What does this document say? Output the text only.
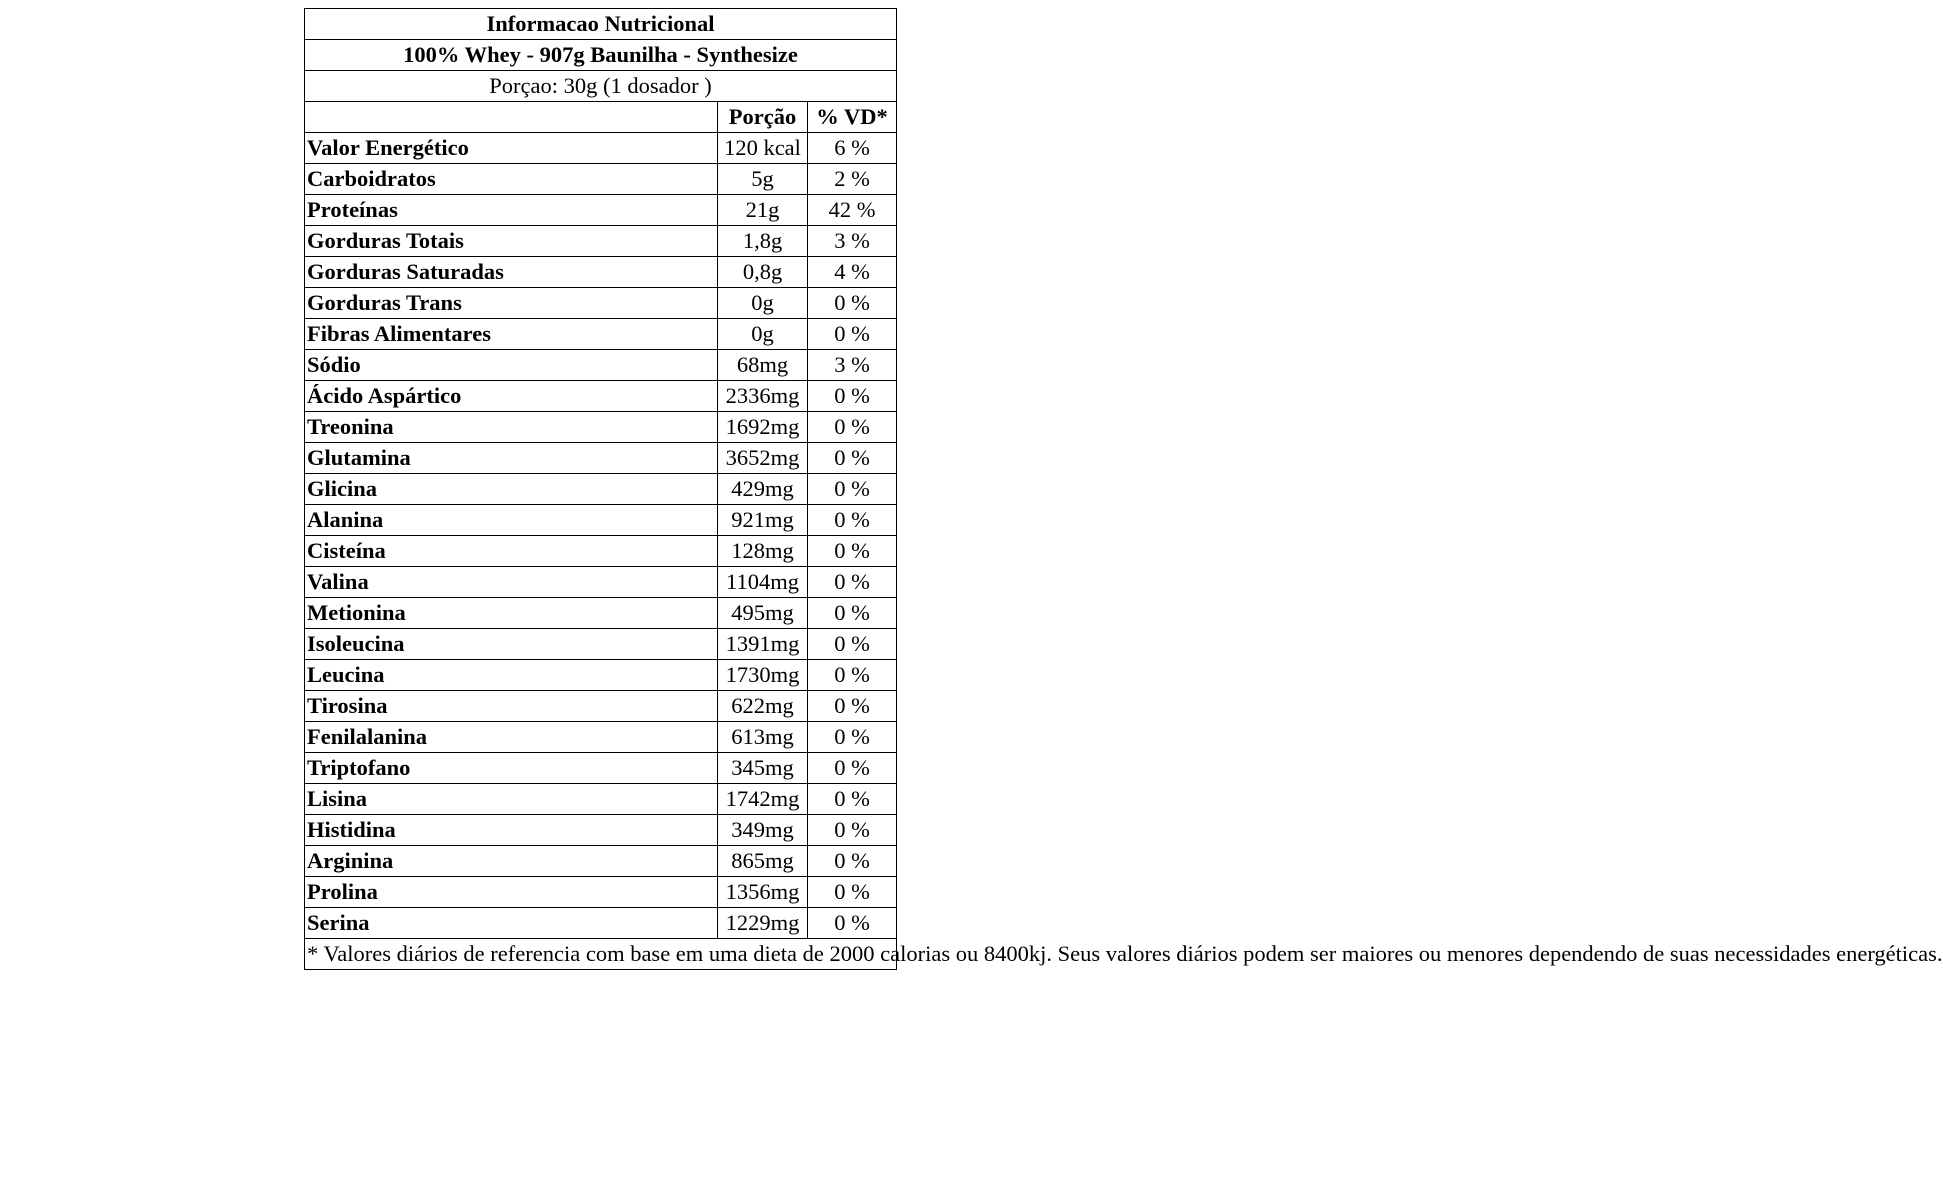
Informacao Nutricional		
100% Whey - 907g Baunilha - Synthesize		
Porçao: 30g (1 dosador )		
	Porção	% VD*
Valor Energético	120 kcal	6 %
Carboidratos	5g	2 %
Proteínas	21g	42 %
Gorduras Totais	1,8g	3 %
Gorduras Saturadas	0,8g	4 %
Gorduras Trans	0g	0 %
Fibras Alimentares	0g	0 %
Sódio	68mg	3 %
Ácido Aspártico	2336mg	0 %
Treonina	1692mg	0 %
Glutamina	3652mg	0 %
Glicina	429mg	0 %
Alanina	921mg	0 %
Cisteína	128mg	0 %
Valina	1104mg	0 %
Metionina	495mg	0 %
Isoleucina	1391mg	0 %
Leucina	1730mg	0 %
Tirosina	622mg	0 %
Fenilalanina	613mg	0 %
Triptofano	345mg	0 %
Lisina	1742mg	0 %
Histidina	349mg	0 %
Arginina	865mg	0 %
Prolina	1356mg	0 %
Serina	1229mg	0 %
* Valores diários de referencia com base em uma dieta de 2000 calorias ou 8400kj. Seus valores diários podem ser maiores ou menores dependendo de suas necessidades energéticas.		
